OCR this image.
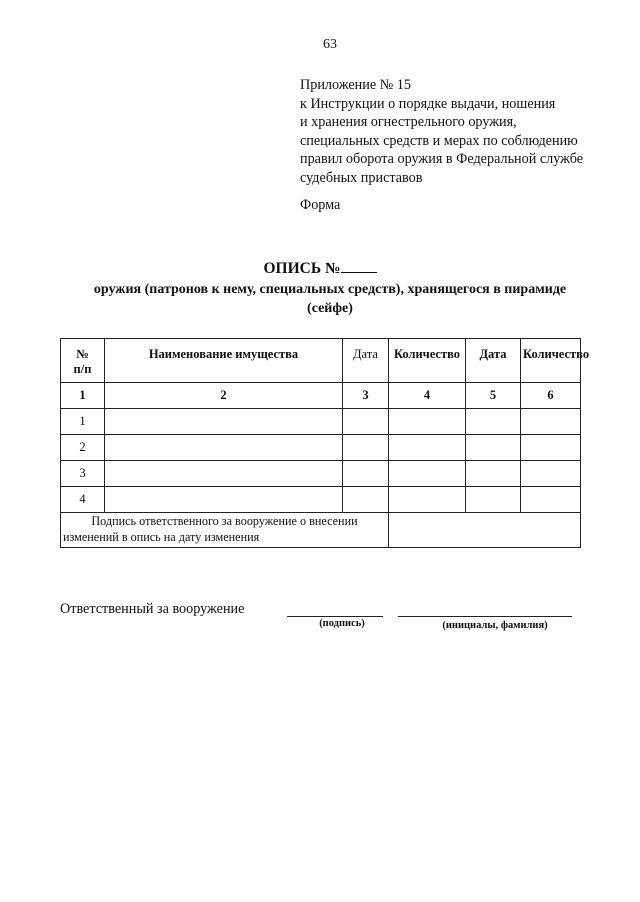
63
Приложение № 15
к Инструкции о порядке выдачи, ношения
и хранения огнестрельного оружия,
специальных средств и мерах по соблюдению
правил оборота оружия в Федеральной службе
судебных приставов
Форма
ОПИСЬ №
оружия (патронов к нему, специальных средств), хранящегося в пирамиде
(сейфе)
№
п/п	Наименование имущества	Дата	Количество	Дата	Количество
1	2	3	4	5	6
1					
2					
3					
4					
Подпись ответственного за вооружение о внесении изменений в опись на дату изменения					
Ответственный за вооружение
(подпись)	(инициалы, фамилия)
